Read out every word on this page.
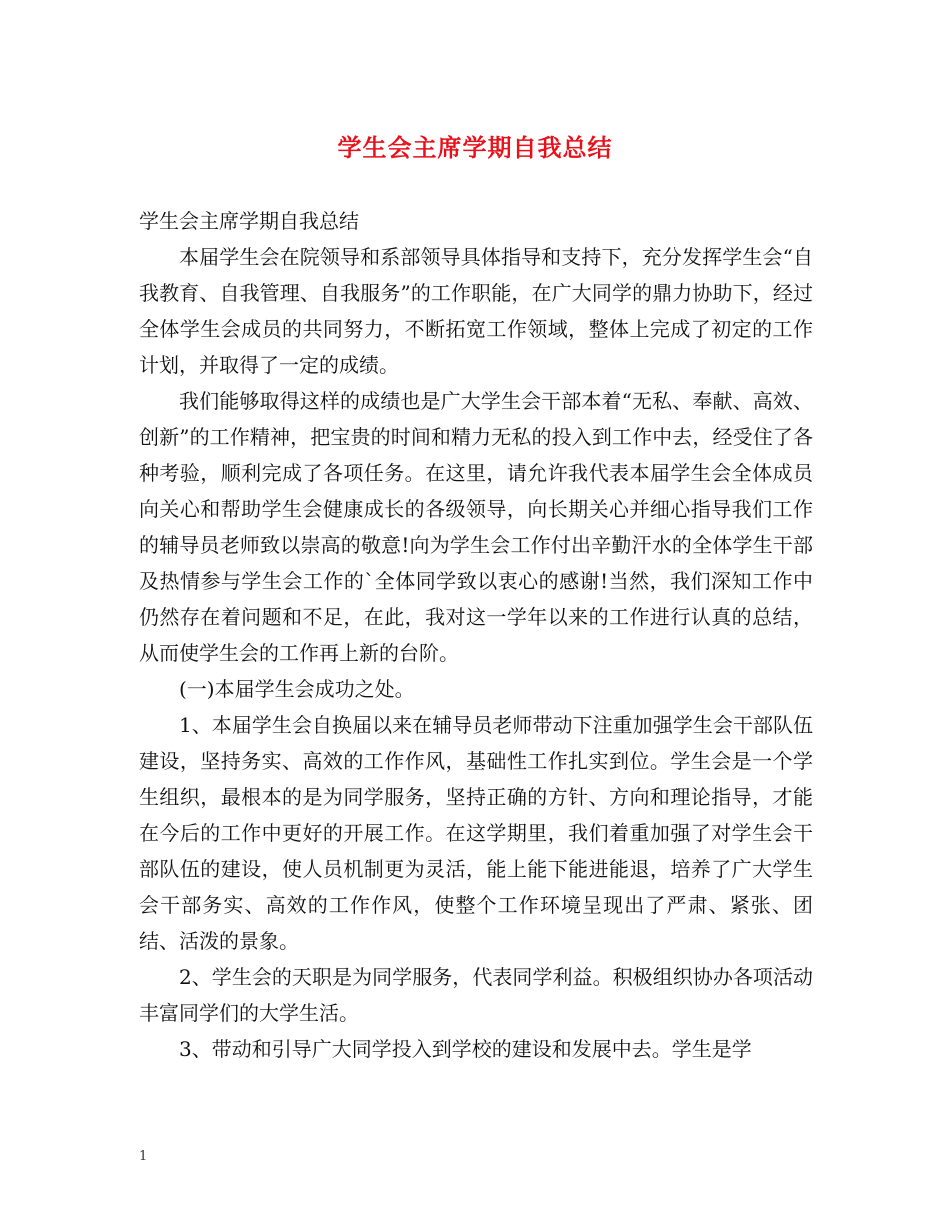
学生会主席学期自我总结

学生会主席学期自我总结

本届学生会在院领导和系部领导具体指导和支持下，充分发挥学生会“自我教育、自我管理、自我服务”的工作职能，在广大同学的鼎力协助下，经过全体学生会成员的共同努力，不断拓宽工作领域，整体上完成了初定的工作计划，并取得了一定的成绩。

我们能够取得这样的成绩也是广大学生会干部本着“无私、奉献、高效、创新”的工作精神，把宝贵的时间和精力无私的投入到工作中去，经受住了各种考验，顺利完成了各项任务。在这里，请允许我代表本届学生会全体成员向关心和帮助学生会健康成长的各级领导，向长期关心并细心指导我们工作的辅导员老师致以崇高的敬意!向为学生会工作付出辛勤汗水的全体学生干部及热情参与学生会工作的`全体同学致以衷心的感谢!当然，我们深知工作中仍然存在着问题和不足，在此，我对这一学年以来的工作进行认真的总结，从而使学生会的工作再上新的台阶。

(一)本届学生会成功之处。

1、本届学生会自换届以来在辅导员老师带动下注重加强学生会干部队伍建设，坚持务实、高效的工作作风，基础性工作扎实到位。学生会是一个学生组织，最根本的是为同学服务，坚持正确的方针、方向和理论指导，才能在今后的工作中更好的开展工作。在这学期里，我们着重加强了对学生会干部队伍的建设，使人员机制更为灵活，能上能下能进能退，培养了广大学生会干部务实、高效的工作作风，使整个工作环境呈现出了严肃、紧张、团结、活泼的景象。

2、学生会的天职是为同学服务，代表同学利益。积极组织协办各项活动丰富同学们的大学生活。

3、带动和引导广大同学投入到学校的建设和发展中去。学生是学

1
